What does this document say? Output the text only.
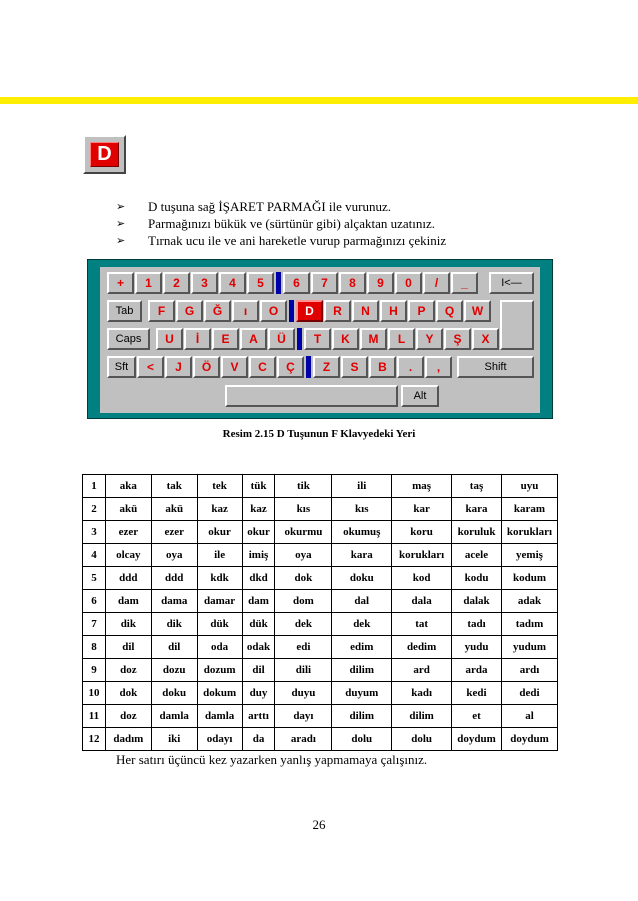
D
➢ D tuşuna sağ İŞARET PARMAĞI ile vurunuz.
➢ Parmağınızı bükük ve (sürtünür gibi) alçaktan uzatınız.
➢ Tırnak ucu ile ve ani hareketle vurup parmağınızı çekiniz
+	1	2	3	4	5	6	7	8	9	0	/	_	I<—
Tab	F	G	Ğ	ı	O	D	R	N	H	P	Q	W
Caps	U	İ	E	A	Ü	T	K	M	L	Y	Ş	X
Sft	<	J	Ö	V	C	Ç	Z	S	B	.	,	Shift
Alt
Resim 2.15 D Tuşunun F Klavyedeki Yeri
1	aka	tak	tek	tük	tik	ili	maş	taş	uyu
2	akü	akü	kaz	kaz	kıs	kıs	kar	kara	karam
3	ezer	ezer	okur	okur	okurmu	okumuş	koru	koruluk	korukları
4	olcay	oya	ile	imiş	oya	kara	korukları	acele	yemiş
5	ddd	ddd	kdk	dkd	dok	doku	kod	kodu	kodum
6	dam	dama	damar	dam	dom	dal	dala	dalak	adak
7	dik	dik	dük	dük	dek	dek	tat	tadı	tadım
8	dil	dil	oda	odak	edi	edim	dedim	yudu	yudum
9	doz	dozu	dozum	dil	dili	dilim	ard	arda	ardı
10	dok	doku	dokum	duy	duyu	duyum	kadı	kedi	dedi
11	doz	damla	damla	arttı	dayı	dilim	dilim	et	al
12	dadım	iki	odayı	da	aradı	dolu	dolu	doydum	doydum
Her satırı üçüncü kez yazarken yanlış yapmamaya çalışınız.
26
